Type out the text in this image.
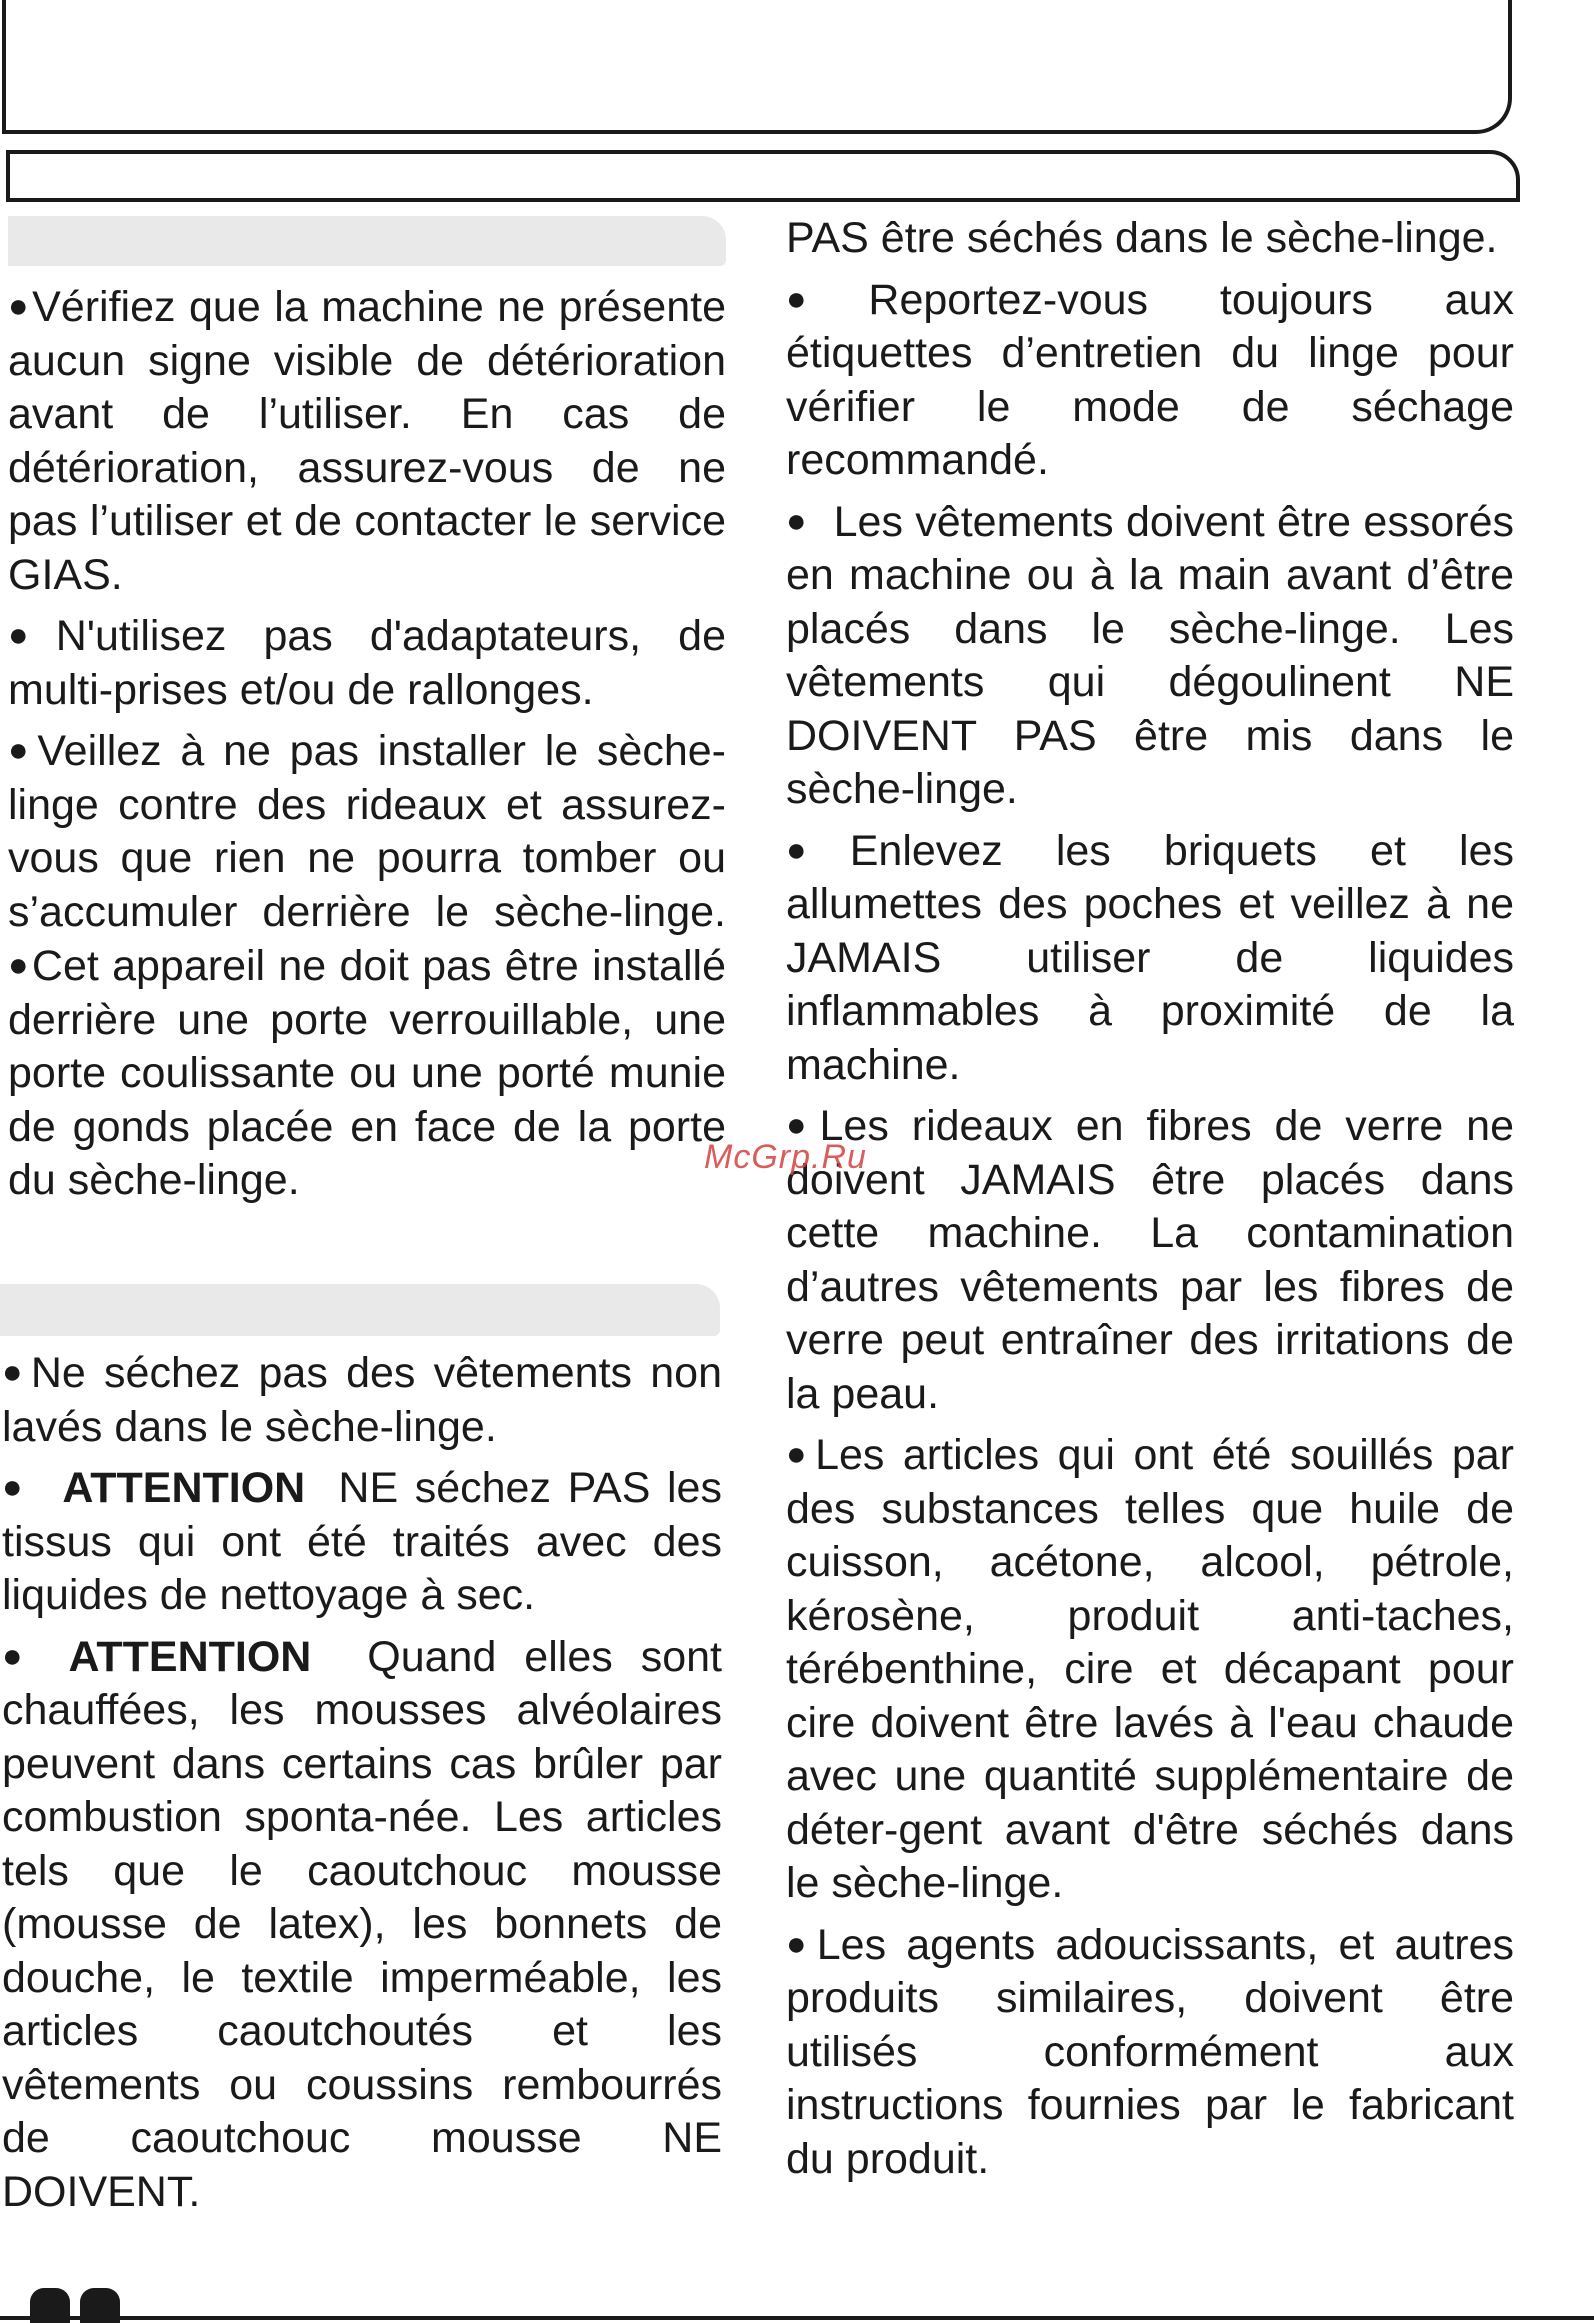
●Vérifiez que la machine ne présente aucun signe visible de détérioration avant de l’utiliser. En cas de détérioration, assurez-vous de ne pas l’utiliser et de contacter le service GIAS.

●N'utilisez pas d'adaptateurs, de multi-prises et/ou de rallonges.

●Veillez à ne pas installer le sèche-linge contre des rideaux et assurez-vous que rien ne pourra tomber ou s’accumuler derrière le sèche-linge. ●Cet appareil ne doit pas être installé derrière une porte verrouillable, une porte coulissante ou une porté munie de gonds placée en face de la porte du sèche-linge.

●Ne séchez pas des vêtements non lavés dans le sèche-linge.

● ATTENTION NE séchez PAS les tissus qui ont été traités avec des liquides de nettoyage à sec.

● ATTENTION Quand elles sont chauffées, les mousses alvéolaires peuvent dans certains cas brûler par combustion sponta-née. Les articles tels que le caoutchouc mousse (mousse de latex), les bonnets de douche, le textile imperméable, les articles caoutchoutés et les vêtements ou coussins rembourrés de caoutchouc mousse NE DOIVENT.

PAS être séchés dans le sèche-linge.

●Reportez-vous toujours aux étiquettes d’entretien du linge pour vérifier le mode de séchage recommandé.

● Les vêtements doivent être essorés en machine ou à la main avant d’être placés dans le sèche-linge. Les vêtements qui dégoulinent NE DOIVENT PAS être mis dans le sèche-linge.

●Enlevez les briquets et les allumettes des poches et veillez à ne JAMAIS utiliser de liquides inflammables à proximité de la machine.

●Les rideaux en fibres de verre ne doivent JAMAIS être placés dans cette machine. La contamination d’autres vêtements par les fibres de verre peut entraîner des irritations de la peau.

●Les articles qui ont été souillés par des substances telles que huile de cuisson, acétone, alcool, pétrole, kérosène, produit anti-taches, térébenthine, cire et décapant pour cire doivent être lavés à l'eau chaude avec une quantité supplémentaire de déter-gent avant d'être séchés dans le sèche-linge.

●Les agents adoucissants, et autres produits similaires, doivent être utilisés conformément aux instructions fournies par le fabricant du produit.

McGrp.Ru
